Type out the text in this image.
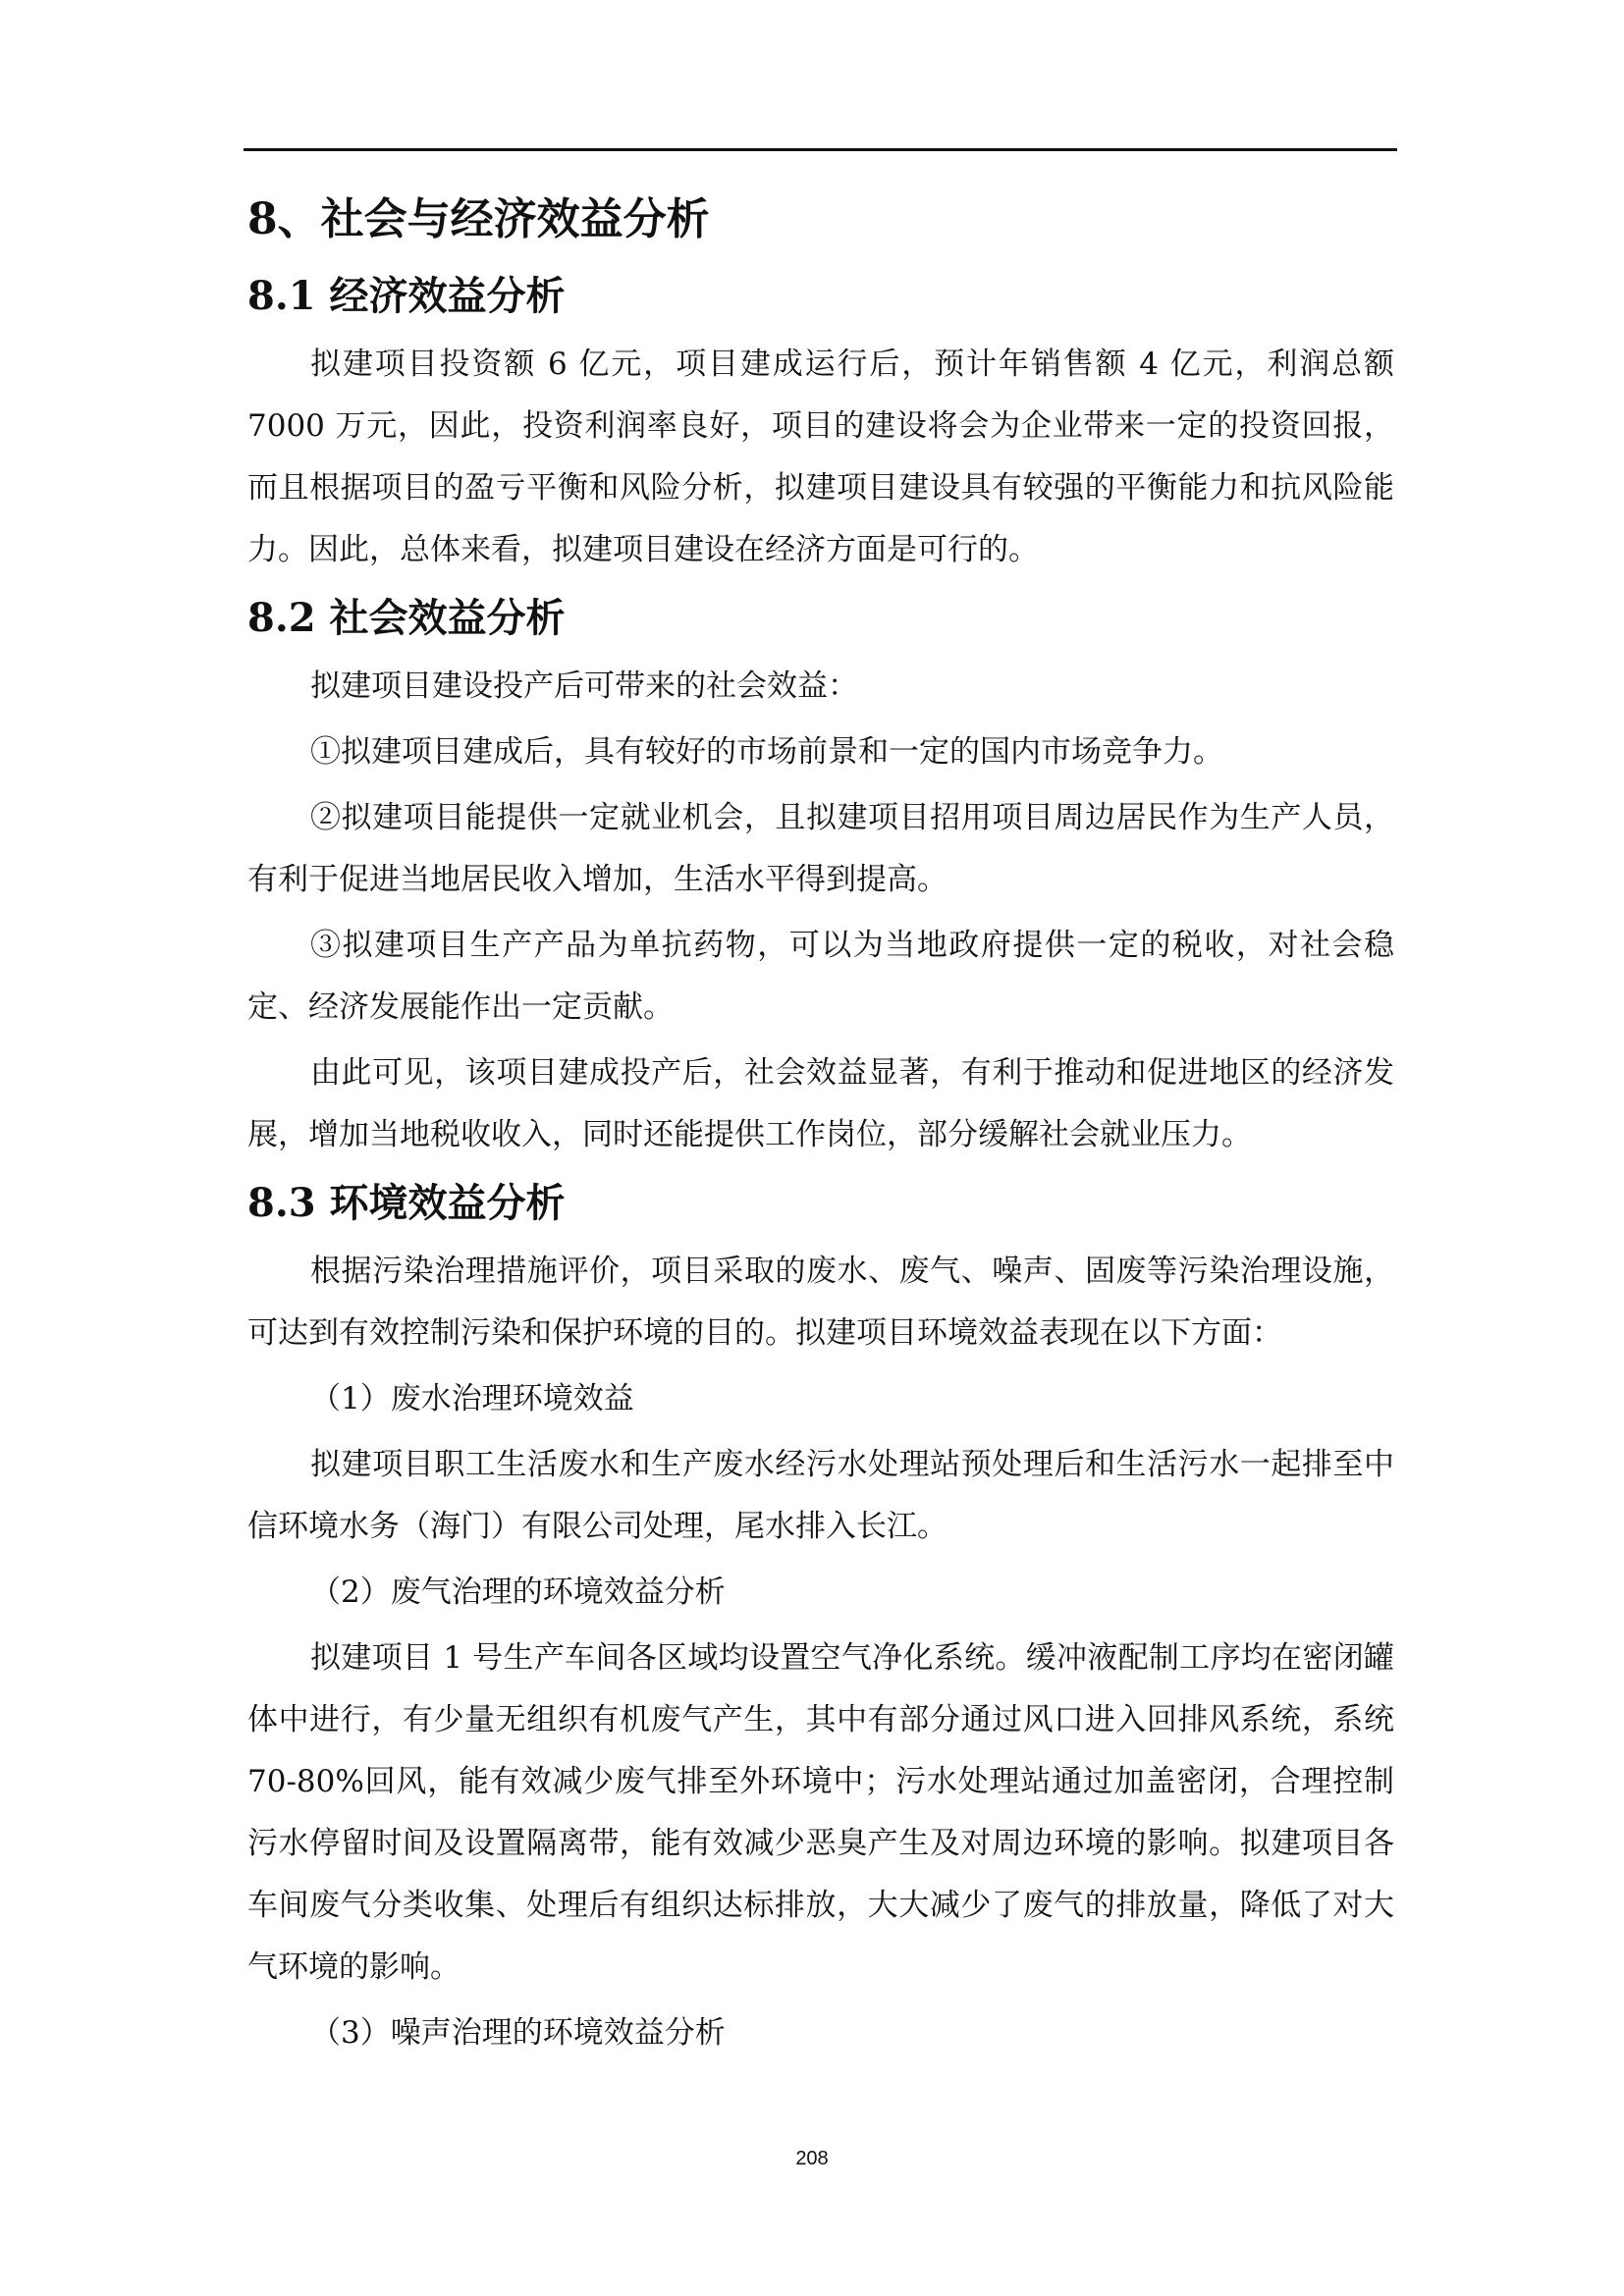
8、社会与经济效益分析
8.1 经济效益分析
拟建项目投资额 6 亿元，项目建成运行后，预计年销售额 4 亿元，利润总额 7000 万元，因此，投资利润率良好，项目的建设将会为企业带来一定的投资回报，而且根据项目的盈亏平衡和风险分析，拟建项目建设具有较强的平衡能力和抗风险能力。因此，总体来看，拟建项目建设在经济方面是可行的。
8.2 社会效益分析
拟建项目建设投产后可带来的社会效益：
①拟建项目建成后，具有较好的市场前景和一定的国内市场竞争力。
②拟建项目能提供一定就业机会，且拟建项目招用项目周边居民作为生产人员，有利于促进当地居民收入增加，生活水平得到提高。
③拟建项目生产产品为单抗药物，可以为当地政府提供一定的税收，对社会稳定、经济发展能作出一定贡献。
由此可见，该项目建成投产后，社会效益显著，有利于推动和促进地区的经济发展，增加当地税收收入，同时还能提供工作岗位，部分缓解社会就业压力。
8.3 环境效益分析
根据污染治理措施评价，项目采取的废水、废气、噪声、固废等污染治理设施，可达到有效控制污染和保护环境的目的。拟建项目环境效益表现在以下方面：
（1）废水治理环境效益
拟建项目职工生活废水和生产废水经污水处理站预处理后和生活污水一起排至中信环境水务（海门）有限公司处理，尾水排入长江。
（2）废气治理的环境效益分析
拟建项目 1 号生产车间各区域均设置空气净化系统。缓冲液配制工序均在密闭罐体中进行，有少量无组织有机废气产生，其中有部分通过风口进入回排风系统，系统 70-80%回风，能有效减少废气排至外环境中；污水处理站通过加盖密闭，合理控制污水停留时间及设置隔离带，能有效减少恶臭产生及对周边环境的影响。拟建项目各车间废气分类收集、处理后有组织达标排放，大大减少了废气的排放量，降低了对大气环境的影响。
（3）噪声治理的环境效益分析
208
